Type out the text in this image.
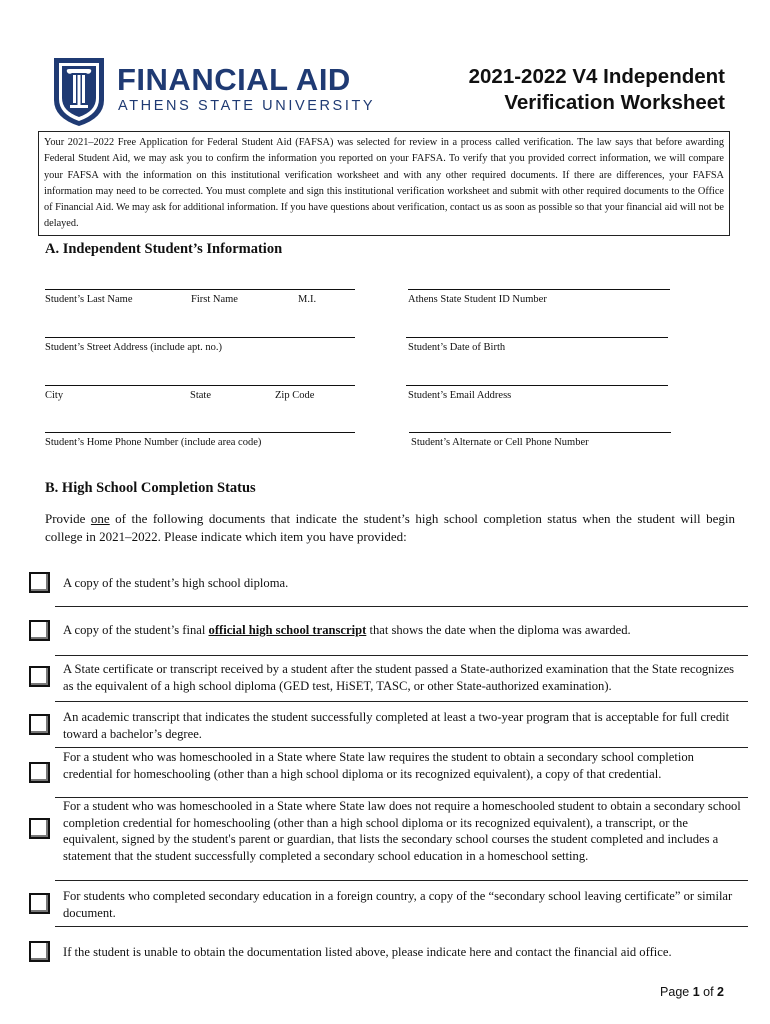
FINANCIAL AID
ATHENS STATE UNIVERSITY
2021-2022 V4 Independent
Verification Worksheet
Your 2021–2022 Free Application for Federal Student Aid (FAFSA) was selected for review in a process called verification. The law says that before awarding Federal Student Aid, we may ask you to confirm the information you reported on your FAFSA. To verify that you provided correct information, we will compare your FAFSA with the information on this institutional verification worksheet and with any other required documents. If there are differences, your FAFSA information may need to be corrected. You must complete and sign this institutional verification worksheet and submit with other required documents to the Office of Financial Aid. We may ask for additional information. If you have questions about verification, contact us as soon as possible so that your financial aid will not be delayed.
A. Independent Student’s Information
Student’s Last Name	First Name	M.I.	Athens State Student ID Number
Student’s Street Address (include apt. no.)	Student’s Date of Birth
City	State	Zip Code	Student’s Email Address
Student’s Home Phone Number (include area code)	Student’s Alternate or Cell Phone Number
B. High School Completion Status
Provide one of the following documents that indicate the student’s high school completion status when the student will begin college in 2021–2022. Please indicate which item you have provided:
A copy of the student’s high school diploma.
A copy of the student’s final official high school transcript that shows the date when the diploma was awarded.
A State certificate or transcript received by a student after the student passed a State-authorized examination that the State recognizes as the equivalent of a high school diploma (GED test, HiSET, TASC, or other State-authorized examination).
An academic transcript that indicates the student successfully completed at least a two-year program that is acceptable for full credit toward a bachelor’s degree.
For a student who was homeschooled in a State where State law requires the student to obtain a secondary school completion credential for homeschooling (other than a high school diploma or its recognized equivalent), a copy of that credential.
For a student who was homeschooled in a State where State law does not require a homeschooled student to obtain a secondary school completion credential for homeschooling (other than a high school diploma or its recognized equivalent), a transcript, or the equivalent, signed by the student's parent or guardian, that lists the secondary school courses the student completed and includes a statement that the student successfully completed a secondary school education in a homeschool setting.
For students who completed secondary education in a foreign country, a copy of the “secondary school leaving certificate” or similar document.
If the student is unable to obtain the documentation listed above, please indicate here and contact the financial aid office.
Page 1 of 2
